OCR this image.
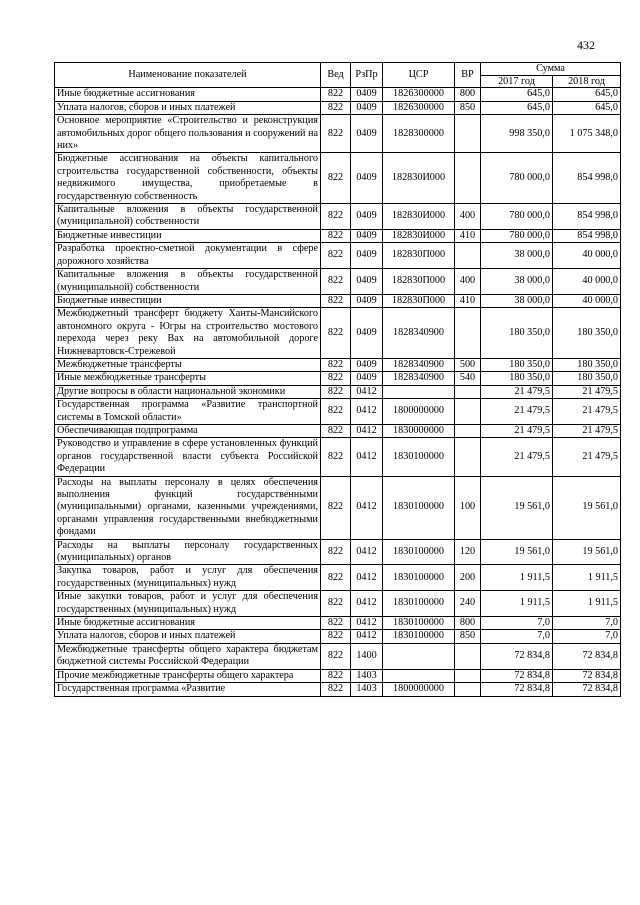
432
Наименование показателей	Вед	РзПр	ЦСР	ВР	Сумма	
					2017 год	2018 год
Иные бюджетные ассигнования	822	0409	1826300000	800	645,0	645,0
Уплата налогов, сборов и иных платежей	822	0409	1826300000	850	645,0	645,0
Основное мероприятие «Строительство и реконструкция автомобильных дорог общего пользования и сооружений на них»	822	0409	1828300000		998 350,0	1 075 348,0
Бюджетные ассигнования на объекты капитального строительства государственной собственности, объекты недвижимого имущества, приобретаемые в государственную собственность	822	0409	182830И000		780 000,0	854 998,0
Капитальные вложения в объекты государственной (муниципальной) собственности	822	0409	182830И000	400	780 000,0	854 998,0
Бюджетные инвестиции	822	0409	182830И000	410	780 000,0	854 998,0
Разработка проектно-сметной документации в сфере дорожного хозяйства	822	0409	182830П000		38 000,0	40 000,0
Капитальные вложения в объекты государственной (муниципальной) собственности	822	0409	182830П000	400	38 000,0	40 000,0
Бюджетные инвестиции	822	0409	182830П000	410	38 000,0	40 000,0
Межбюджетный трансферт бюджету Ханты-Мансийского автономного округа - Югры на строительство мостового перехода через реку Вах на автомобильной дороге Нижневартовск-Стрежевой	822	0409	1828340900		180 350,0	180 350,0
Межбюджетные трансферты	822	0409	1828340900	500	180 350,0	180 350,0
Иные межбюджетные трансферты	822	0409	1828340900	540	180 350,0	180 350,0
Другие вопросы в области национальной экономики	822	0412			21 479,5	21 479,5
Государственная программа «Развитие транспортной системы в Томской области»	822	0412	1800000000		21 479,5	21 479,5
Обеспечивающая подпрограмма	822	0412	1830000000		21 479,5	21 479,5
Руководство и управление в сфере установленных функций органов государственной власти субъекта Российской Федерации	822	0412	1830100000		21 479,5	21 479,5
Расходы на выплаты персоналу в целях обеспечения выполнения функций государственными (муниципальными) органами, казенными учреждениями, органами управления государственными внебюджетными фондами	822	0412	1830100000	100	19 561,0	19 561,0
Расходы на выплаты персоналу государственных (муниципальных) органов	822	0412	1830100000	120	19 561,0	19 561,0
Закупка товаров, работ и услуг для обеспечения государственных (муниципальных) нужд	822	0412	1830100000	200	1 911,5	1 911,5
Иные закупки товаров, работ и услуг для обеспечения государственных (муниципальных) нужд	822	0412	1830100000	240	1 911,5	1 911,5
Иные бюджетные ассигнования	822	0412	1830100000	800	7,0	7,0
Уплата налогов, сборов и иных платежей	822	0412	1830100000	850	7,0	7,0
Межбюджетные трансферты общего характера бюджетам бюджетной системы Российской Федерации	822	1400			72 834,8	72 834,8
Прочие межбюджетные трансферты общего характера	822	1403			72 834,8	72 834,8
Государственная программа «Развитие	822	1403	1800000000		72 834,8	72 834,8
